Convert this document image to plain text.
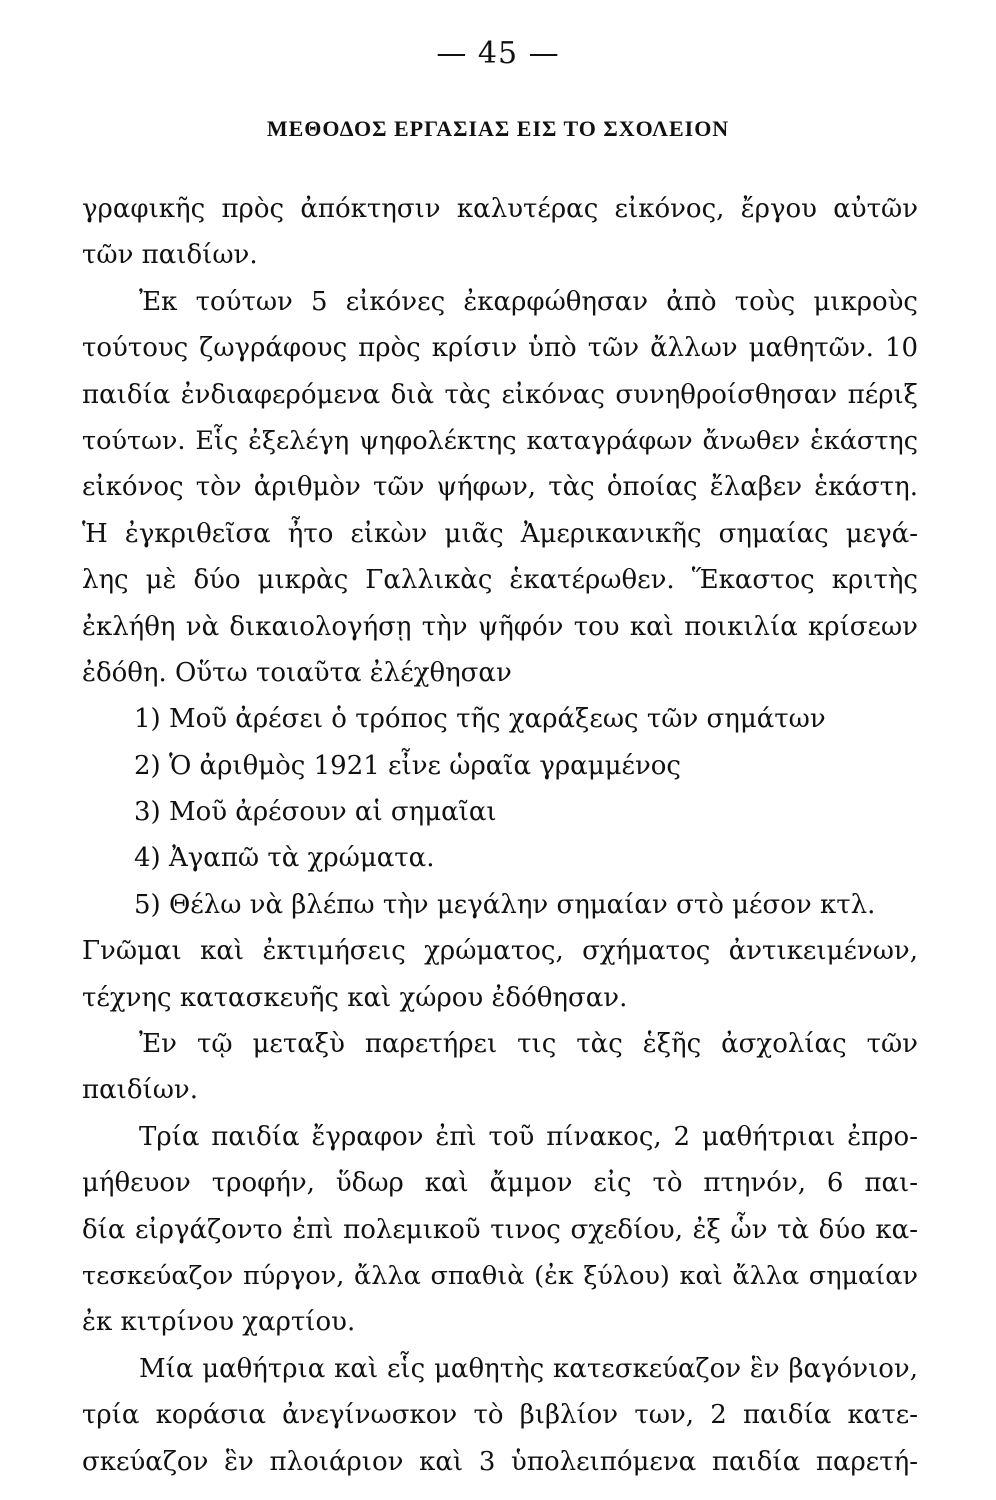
— 45 —
ΜΕΘΟΔΟΣ ΕΡΓΑΣΙΑΣ ΕΙΣ ΤΟ ΣΧΟΛΕΙΟΝ
γραφικῆς πρὸς ἀπόκτησιν καλυτέρας εἰκόνος, ἔργου αὐτῶν
τῶν παιδίων.
Ἐκ τούτων 5 εἰκόνες ἐκαρφώθησαν ἀπὸ τοὺς μικροὺς
τούτους ζωγράφους πρὸς κρίσιν ὑπὸ τῶν ἄλλων μαθητῶν. 10
παιδία ἐνδιαφερόμενα διὰ τὰς εἰκόνας συνηθροίσθησαν πέριξ
τούτων. Εἷς ἐξελέγη ψηφολέκτης καταγράφων ἄνωθεν ἑκάστης
εἰκόνος τὸν ἀριθμὸν τῶν ψήφων, τὰς ὁποίας ἔλαβεν ἑκάστη.
Ἡ ἐγκριθεῖσα ἦτο εἰκὼν μιᾶς Ἀμερικανικῆς σημαίας μεγά-
λης μὲ δύο μικρὰς Γαλλικὰς ἑκατέρωθεν. Ἕκαστος κριτὴς
ἐκλήθη νὰ δικαιολογήσῃ τὴν ψῆφόν του καὶ ποικιλία κρίσεων
ἐδόθη. Οὕτω τοιαῦτα ἐλέχθησαν
1) Μοῦ ἀρέσει ὁ τρόπος τῆς χαράξεως τῶν σημάτων
2) Ὁ ἀριθμὸς 1921 εἶνε ὡραῖα γραμμένος
3) Μοῦ ἀρέσουν αἱ σημαῖαι
4) Ἀγαπῶ τὰ χρώματα.
5) Θέλω νὰ βλέπω τὴν μεγάλην σημαίαν στὸ μέσον κτλ.
Γνῶμαι καὶ ἐκτιμήσεις χρώματος, σχήματος ἀντικειμένων,
τέχνης κατασκευῆς καὶ χώρου ἐδόθησαν.
Ἐν τῷ μεταξὺ παρετήρει τις τὰς ἑξῆς ἀσχολίας τῶν
παιδίων.
Τρία παιδία ἔγραφον ἐπὶ τοῦ πίνακος, 2 μαθήτριαι ἐπρο-
μήθευον τροφήν, ὕδωρ καὶ ἄμμον εἰς τὸ πτηνόν, 6 παι-
δία εἰργάζοντο ἐπὶ πολεμικοῦ τινος σχεδίου, ἐξ ὧν τὰ δύο κα-
τεσκεύαζον πύργον, ἄλλα σπαθιὰ (ἐκ ξύλου) καὶ ἄλλα σημαίαν
ἐκ κιτρίνου χαρτίου.
Μία μαθήτρια καὶ εἷς μαθητὴς κατεσκεύαζον ἓν βαγόνιον,
τρία κοράσια ἀνεγίνωσκον τὸ βιβλίον των, 2 παιδία κατε-
σκεύαζον ἓν πλοιάριον καὶ 3 ὑπολειπόμενα παιδία παρετή-
